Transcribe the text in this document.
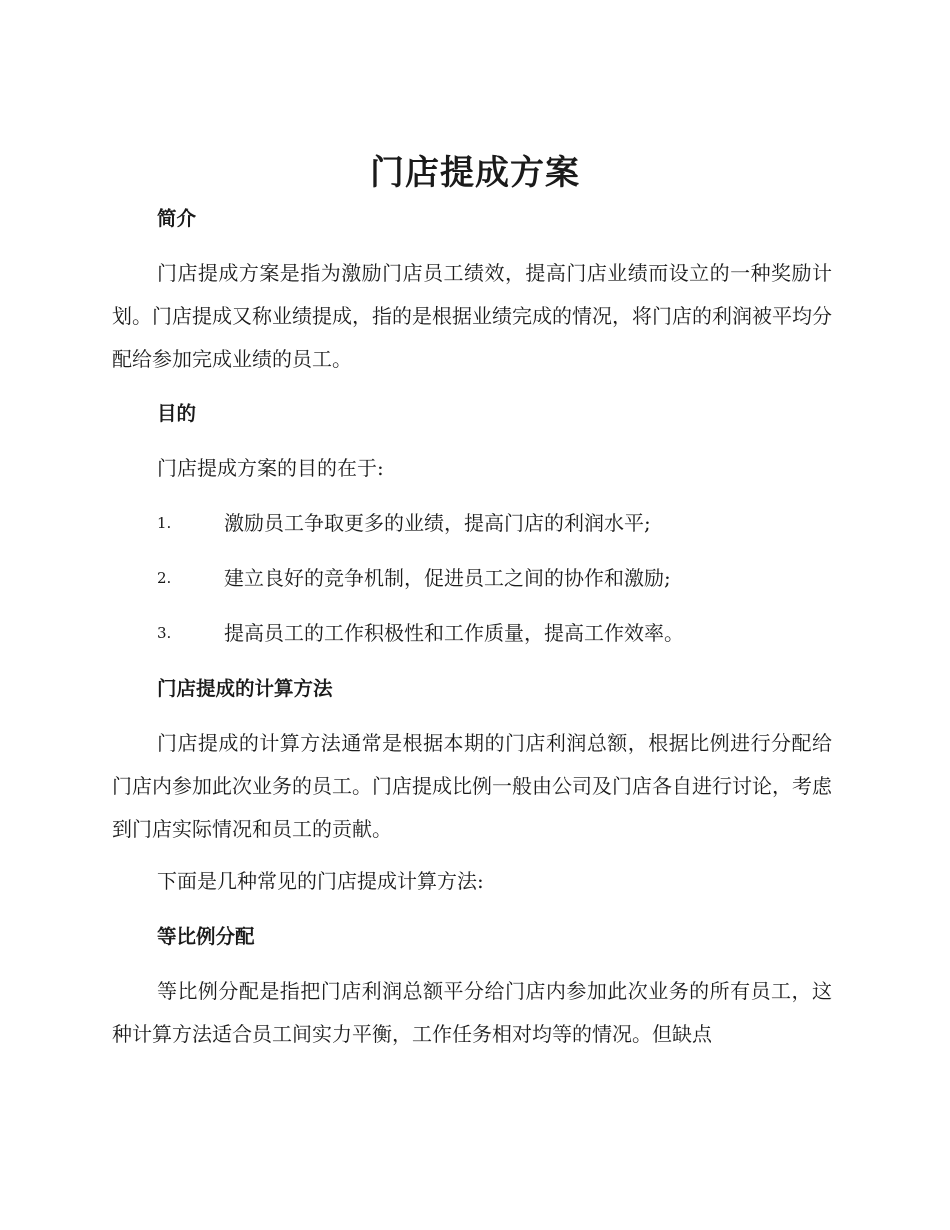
门店提成方案
简介
门店提成方案是指为激励门店员工绩效，提高门店业绩而设立的一种奖励计划。门店提成又称业绩提成，指的是根据业绩完成的情况，将门店的利润被平均分配给参加完成业绩的员工。
目的
门店提成方案的目的在于:
1.	激励员工争取更多的业绩，提高门店的利润水平;
2.	建立良好的竞争机制，促进员工之间的协作和激励;
3.	提高员工的工作积极性和工作质量，提高工作效率。
门店提成的计算方法
门店提成的计算方法通常是根据本期的门店利润总额，根据比例进行分配给门店内参加此次业务的员工。门店提成比例一般由公司及门店各自进行讨论，考虑到门店实际情况和员工的贡献。
下面是几种常见的门店提成计算方法:
等比例分配
等比例分配是指把门店利润总额平分给门店内参加此次业务的所有员工，这种计算方法适合员工间实力平衡，工作任务相对均等的情况。但缺点
